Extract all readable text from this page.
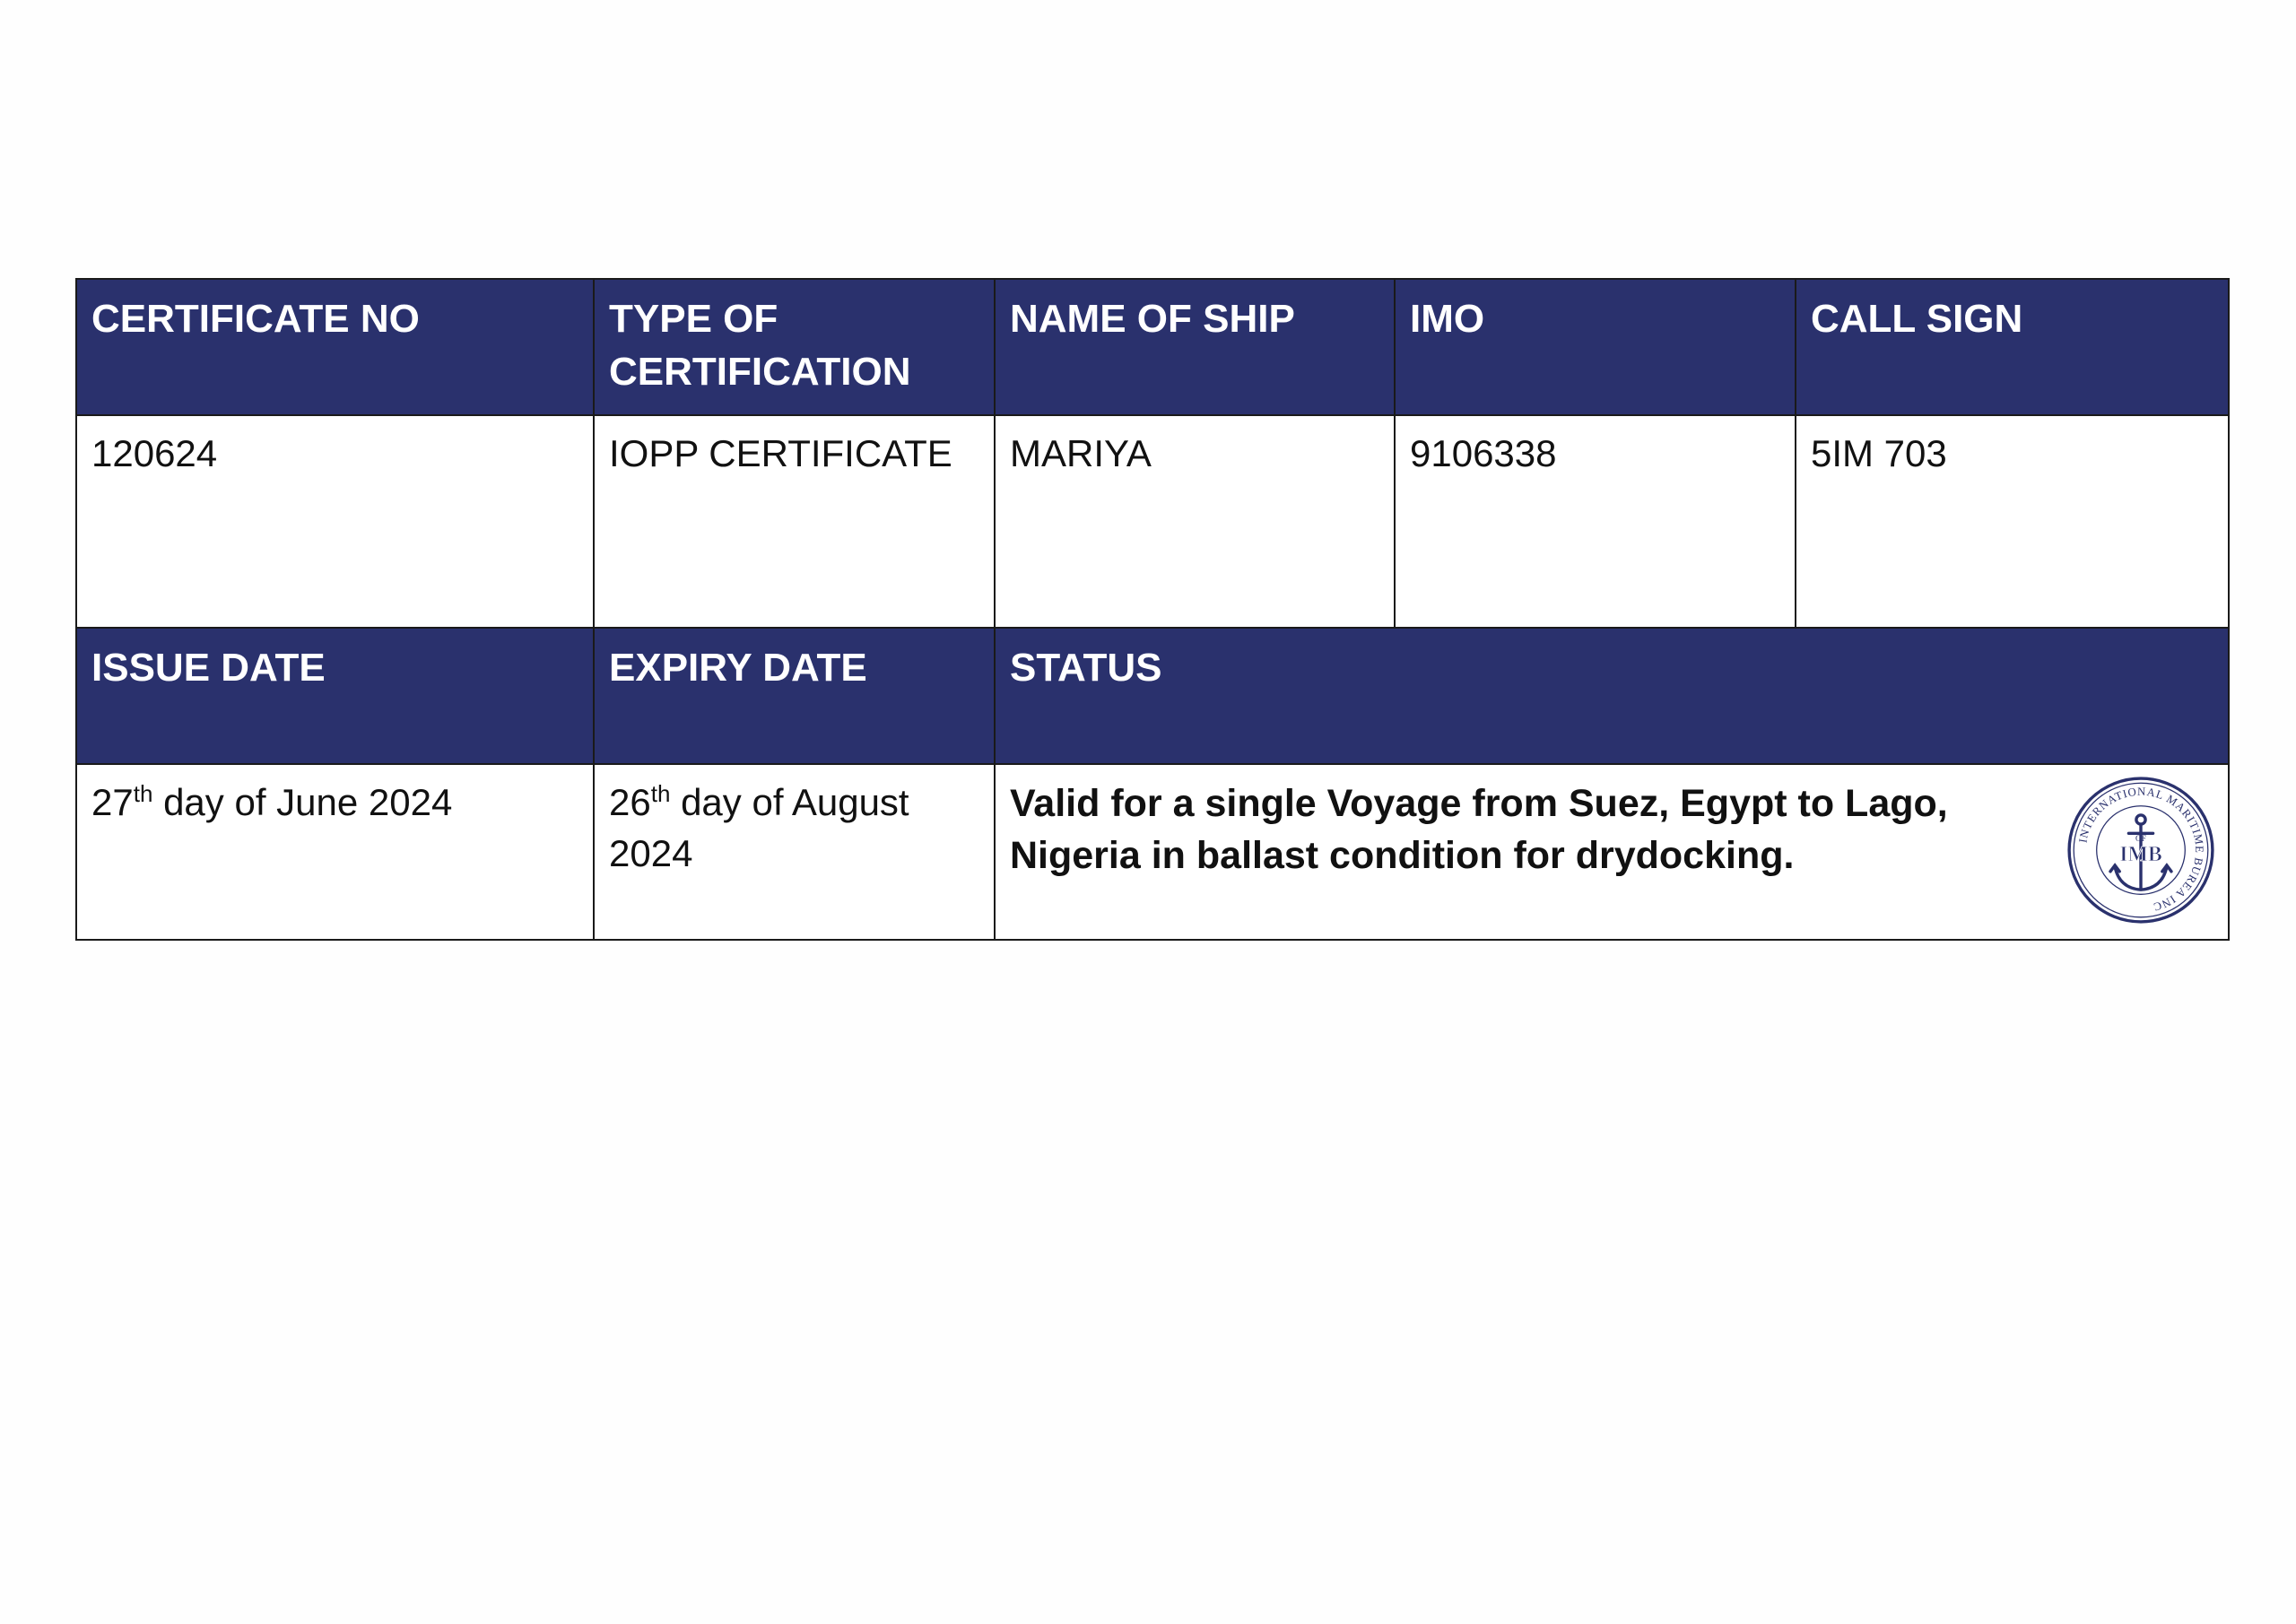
CERTIFICATE NO	TYPE OF CERTIFICATION	NAME OF SHIP	IMO	CALL SIGN
120624	IOPP CERTIFICATE	MARIYA	9106338	5IM 703
ISSUE DATE	EXPIRY DATE	STATUS		
27th day of June 2024	26th day of August 2024	Valid for a single Voyage from Suez, Egypt to Lago, Nigeria in ballast condition for drydocking. INTERNATIONAL MARITIME BUREA INC
OF
IMB		
